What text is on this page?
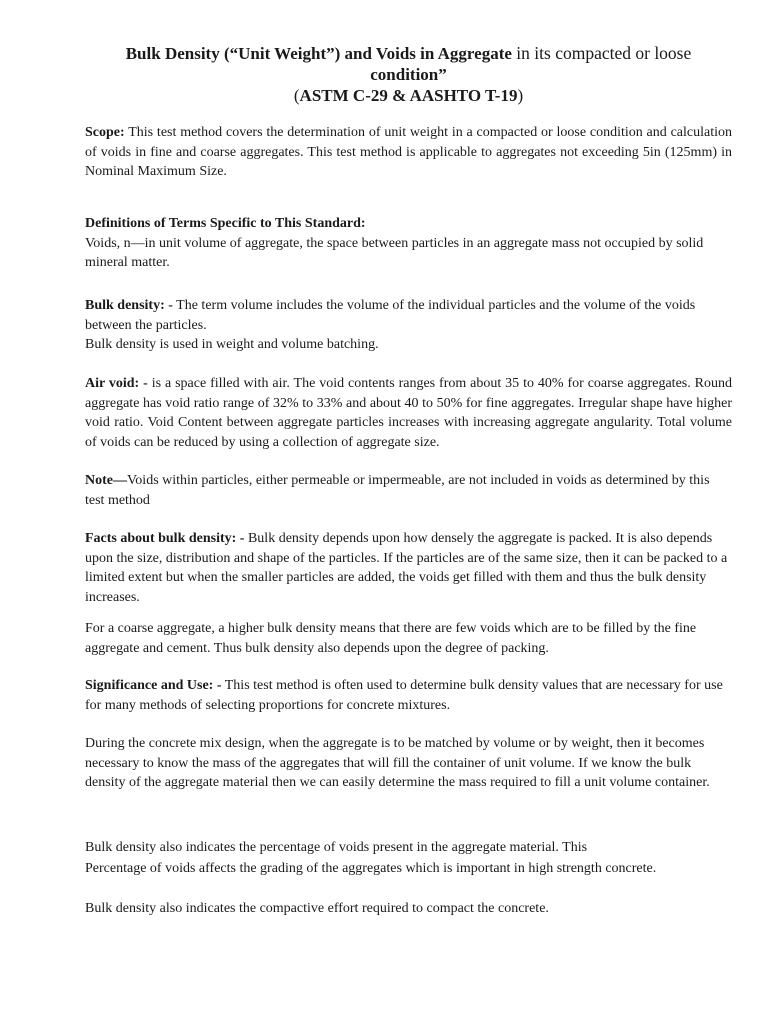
Bulk Density (“Unit Weight”) and Voids in Aggregate in its compacted or loose

condition”

(ASTM C-29 & AASHTO T-19)

Scope: This test method covers the determination of unit weight in a compacted or loose condition and calculation of voids in fine and coarse aggregates. This test method is applicable to aggregates not exceeding 5in (125mm) in Nominal Maximum Size.

Definitions of Terms Specific to This Standard:

Voids, n—in unit volume of aggregate, the space between particles in an aggregate mass not occupied by solid mineral matter.

Bulk density: - The term volume includes the volume of the individual particles and the volume of the voids between the particles.

Bulk density is used in weight and volume batching.

Air void: - is a space filled with air. The void contents ranges from about 35 to 40% for coarse aggregates. Round aggregate has void ratio range of 32% to 33% and about 40 to 50% for fine aggregates. Irregular shape have higher void ratio. Void Content between aggregate particles increases with increasing aggregate angularity. Total volume of voids can be reduced by using a collection of aggregate size.

Note—Voids within particles, either permeable or impermeable, are not included in voids as determined by this test method

Facts about bulk density: - Bulk density depends upon how densely the aggregate is packed. It is also depends upon the size, distribution and shape of the particles. If the particles are of the same size, then it can be packed to a limited extent but when the smaller particles are added, the voids get filled with them and thus the bulk density increases.

For a coarse aggregate, a higher bulk density means that there are few voids which are to be filled by the fine aggregate and cement. Thus bulk density also depends upon the degree of packing.

Significance and Use: - This test method is often used to determine bulk density values that are necessary for use for many methods of selecting proportions for concrete mixtures.

During the concrete mix design, when the aggregate is to be matched by volume or by weight, then it becomes necessary to know the mass of the aggregates that will fill the container of unit volume. If we know the bulk density of the aggregate material then we can easily determine the mass required to fill a unit volume container.

Bulk density also indicates the percentage of voids present in the aggregate material. This

Percentage of voids affects the grading of the aggregates which is important in high strength concrete.

Bulk density also indicates the compactive effort required to compact the concrete.
